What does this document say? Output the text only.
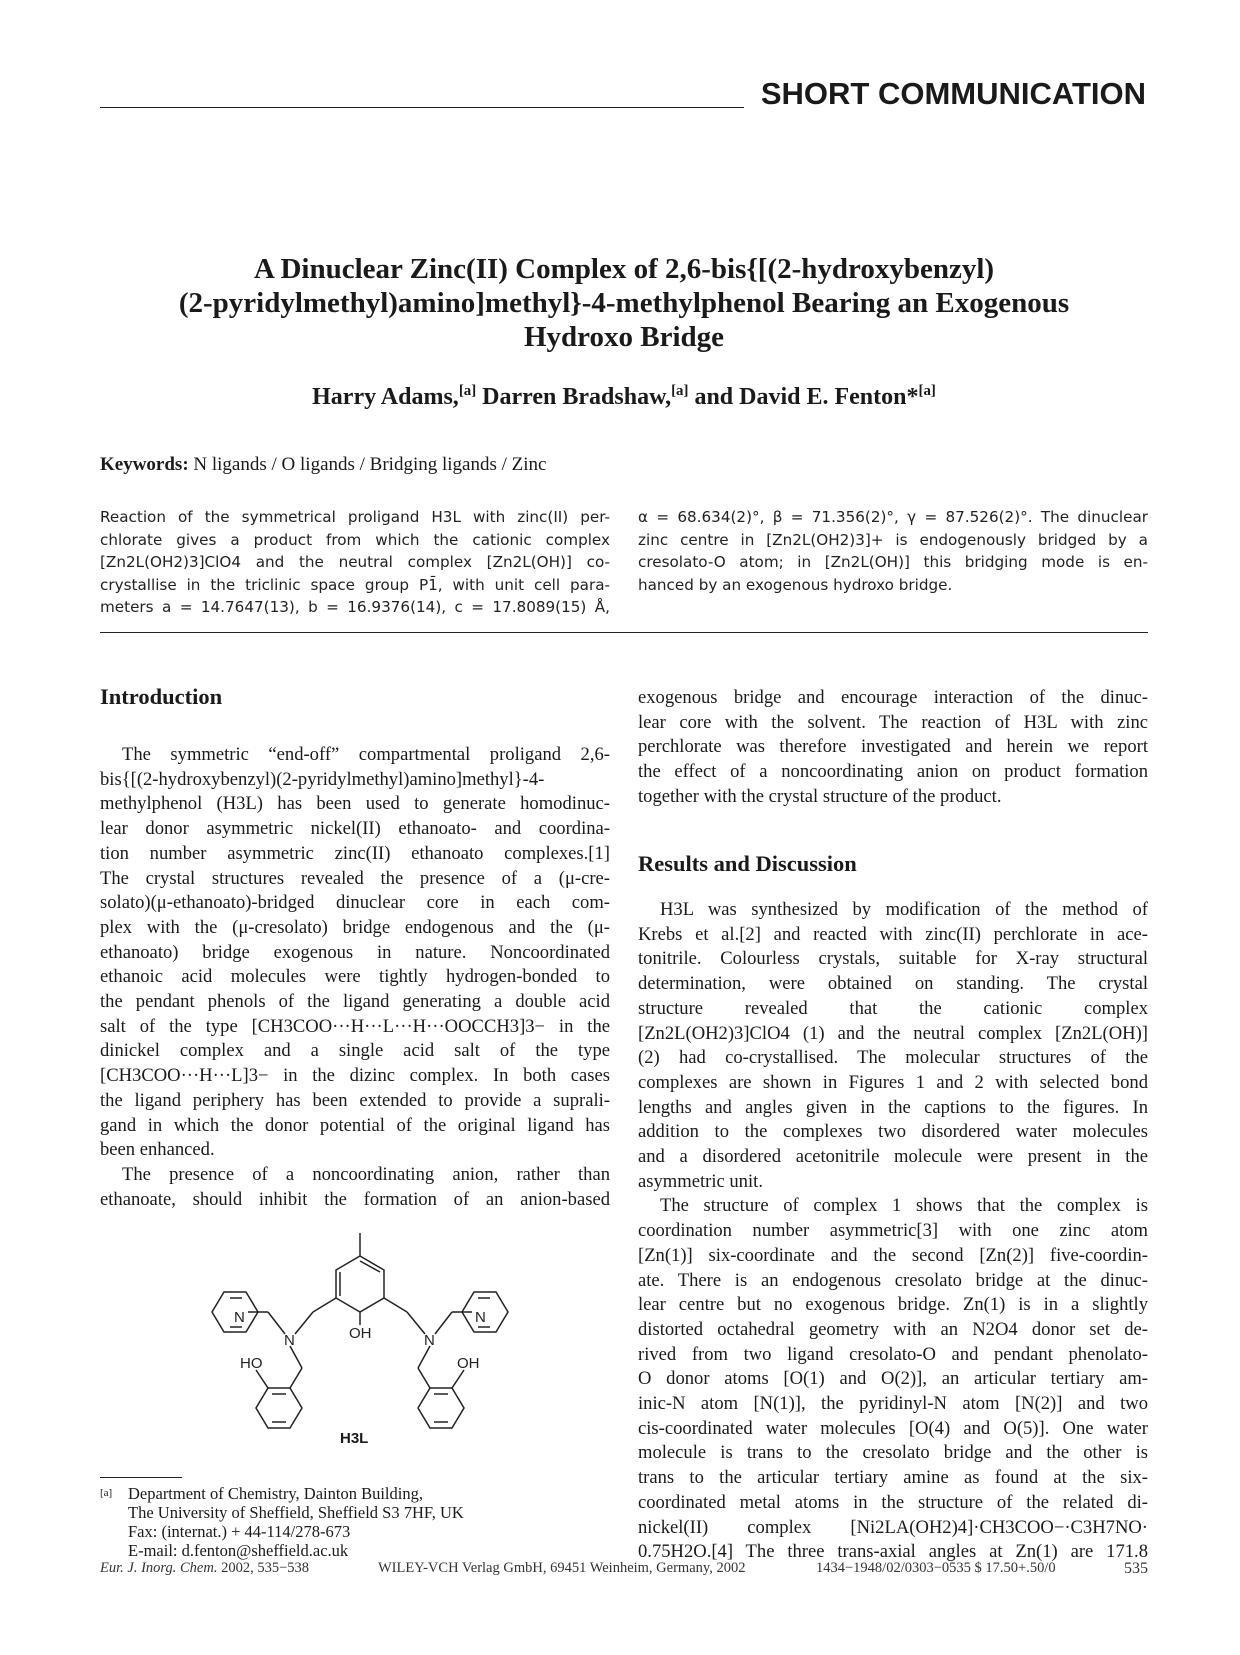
SHORT COMMUNICATION
A Dinuclear Zinc(II) Complex of 2,6-bis{[(2-hydroxybenzyl)
(2-pyridylmethyl)amino]methyl}-4-methylphenol Bearing an Exogenous
Hydroxo Bridge
Harry Adams,[a] Darren Bradshaw,[a] and David E. Fenton*[a]
Keywords: N ligands / O ligands / Bridging ligands / Zinc
Reaction of the symmetrical proligand H3L with zinc(II) per-
chlorate gives a product from which the cationic complex
[Zn2L(OH2)3]ClO4 and the neutral complex [Zn2L(OH)] co-
crystallise in the triclinic space group P1̄, with unit cell para-
meters a = 14.7647(13), b = 16.9376(14), c = 17.8089(15) Å,
α = 68.634(2)°, β = 71.356(2)°, γ = 87.526(2)°. The dinuclear
zinc centre in [Zn2L(OH2)3]+ is endogenously bridged by a
cresolato-O atom; in [Zn2L(OH)] this bridging mode is en-
hanced by an exogenous hydroxo bridge.
Introduction
The symmetric “end-off” compartmental proligand 2,6-
bis{[(2-hydroxybenzyl)(2-pyridylmethyl)amino]methyl}-4-
methylphenol (H3L) has been used to generate homodinuc-
lear donor asymmetric nickel(II) ethanoato- and coordina-
tion number asymmetric zinc(II) ethanoato complexes.[1]
The crystal structures revealed the presence of a (μ-cre-
solato)(μ-ethanoato)-bridged dinuclear core in each com-
plex with the (μ-cresolato) bridge endogenous and the (μ-
ethanoato) bridge exogenous in nature. Noncoordinated
ethanoic acid molecules were tightly hydrogen-bonded to
the pendant phenols of the ligand generating a double acid
salt of the type [CH3COO···H···L···H···OOCCH3]3− in the
dinickel complex and a single acid salt of the type
[CH3COO···H···L]3− in the dizinc complex. In both cases
the ligand periphery has been extended to provide a suprali-
gand in which the donor potential of the original ligand has
been enhanced.
The presence of a noncoordinating anion, rather than
ethanoate, should inhibit the formation of an anion-based
N	N
N	N
OH
HO	OH
H3L
[a] Department of Chemistry, Dainton Building,
The University of Sheffield, Sheffield S3 7HF, UK
Fax: (internat.) + 44-114/278-673
E-mail: d.fenton@sheffield.ac.uk
exogenous bridge and encourage interaction of the dinuc-
lear core with the solvent. The reaction of H3L with zinc
perchlorate was therefore investigated and herein we report
the effect of a noncoordinating anion on product formation
together with the crystal structure of the product.
Results and Discussion
H3L was synthesized by modification of the method of
Krebs et al.[2] and reacted with zinc(II) perchlorate in ace-
tonitrile. Colourless crystals, suitable for X-ray structural
determination, were obtained on standing. The crystal
structure revealed that the cationic complex
[Zn2L(OH2)3]ClO4 (1) and the neutral complex [Zn2L(OH)]
(2) had co-crystallised. The molecular structures of the
complexes are shown in Figures 1 and 2 with selected bond
lengths and angles given in the captions to the figures. In
addition to the complexes two disordered water molecules
and a disordered acetonitrile molecule were present in the
asymmetric unit.
The structure of complex 1 shows that the complex is
coordination number asymmetric[3] with one zinc atom
[Zn(1)] six-coordinate and the second [Zn(2)] five-coordin-
ate. There is an endogenous cresolato bridge at the dinuc-
lear centre but no exogenous bridge. Zn(1) is in a slightly
distorted octahedral geometry with an N2O4 donor set de-
rived from two ligand cresolato-O and pendant phenolato-
O donor atoms [O(1) and O(2)], an articular tertiary am-
inic-N atom [N(1)], the pyridinyl-N atom [N(2)] and two
cis-coordinated water molecules [O(4) and O(5)]. One water
molecule is trans to the cresolato bridge and the other is
trans to the articular tertiary amine as found at the six-
coordinated metal atoms in the structure of the related di-
nickel(II) complex [Ni2LA(OH2)4]·CH3COO−·C3H7NO·
0.75H2O.[4] The three trans-axial angles at Zn(1) are 171.8
Eur. J. Inorg. Chem. 2002, 535−538	WILEY-VCH Verlag GmbH, 69451 Weinheim, Germany, 2002	1434−1948/02/0303−0535 $ 17.50+.50/0	535
